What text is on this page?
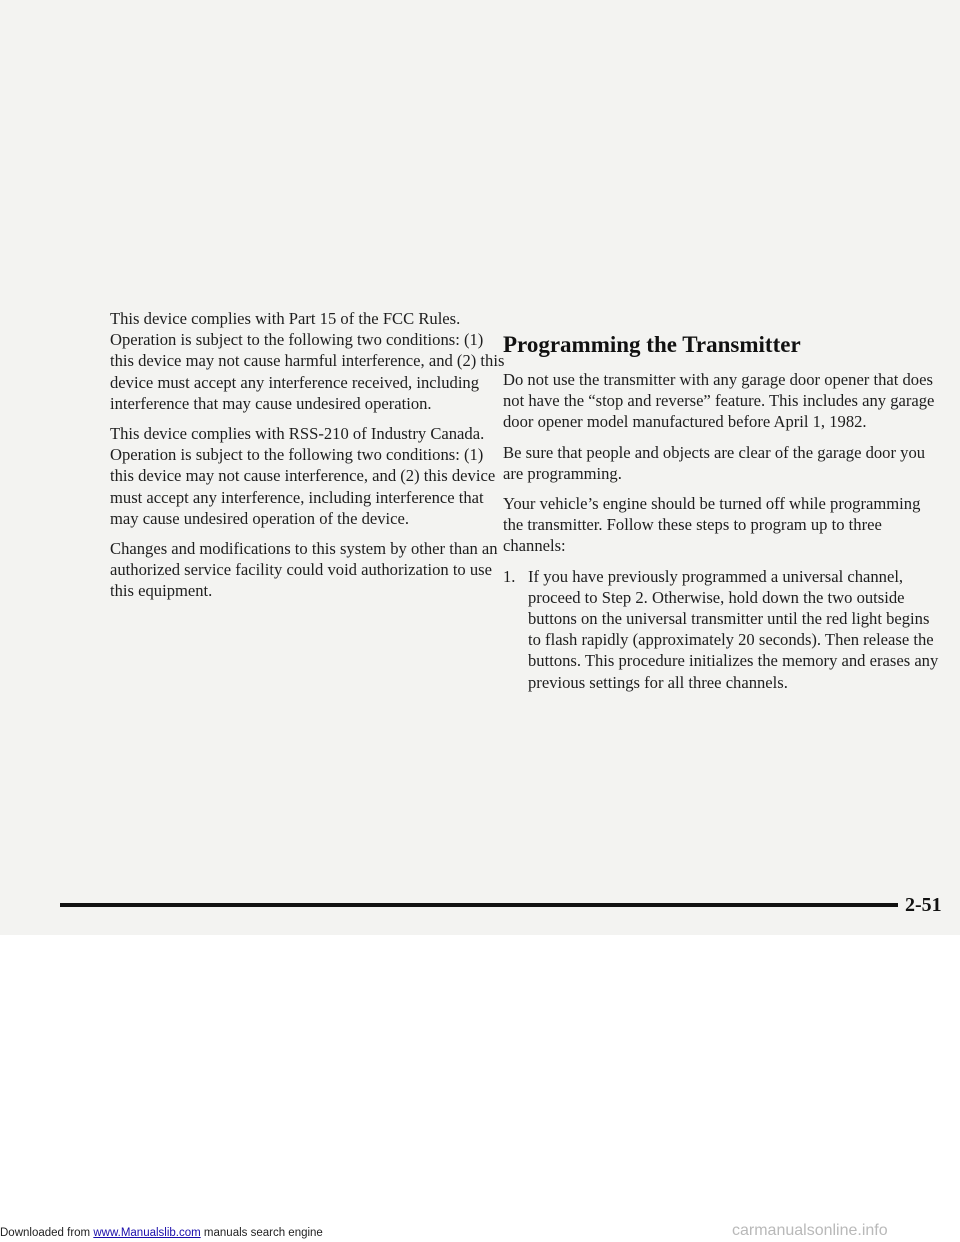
This device complies with Part 15 of the FCC Rules. Operation is subject to the following two conditions: (1) this device may not cause harmful interference, and (2) this device must accept any interference received, including interference that may cause undesired operation.

This device complies with RSS-210 of Industry Canada. Operation is subject to the following two conditions: (1) this device may not cause interference, and (2) this device must accept any interference, including interference that may cause undesired operation of the device.

Changes and modifications to this system by other than an authorized service facility could void authorization to use this equipment.

Programming the Transmitter

Do not use the transmitter with any garage door opener that does not have the “stop and reverse” feature. This includes any garage door opener model manufactured before April 1, 1982.

Be sure that people and objects are clear of the garage door you are programming.

Your vehicle’s engine should be turned off while programming the transmitter. Follow these steps to program up to three channels:

1. If you have previously programmed a universal channel, proceed to Step 2. Otherwise, hold down the two outside buttons on the universal transmitter until the red light begins to flash rapidly (approximately 20 seconds). Then release the buttons. This procedure initializes the memory and erases any previous settings for all three channels.
2-51
Downloaded from www.Manualslib.com manuals search engine	carmanualsonline.info
